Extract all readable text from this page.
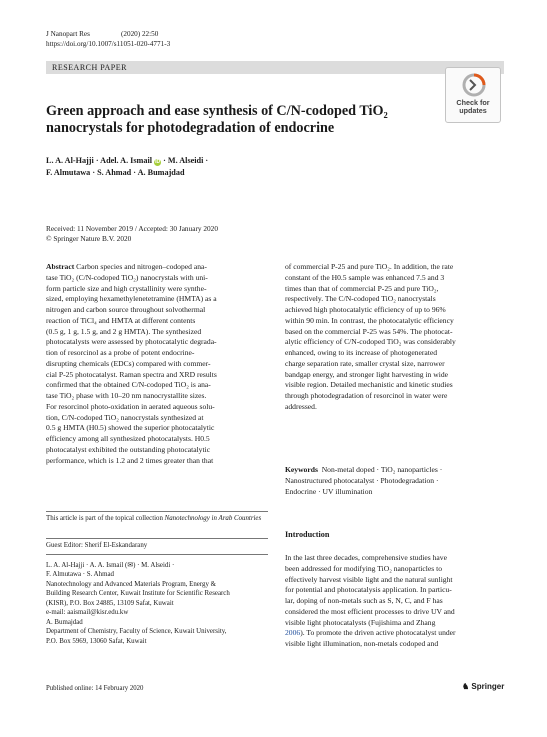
J Nanopart Res	(2020) 22:50
https://doi.org/10.1007/s11051-020-4771-3
RESEARCH PAPER
Check for updates
Green approach and ease synthesis of C/N-codoped TiO₂ nanocrystals for photodegradation of endocrine
L. A. Al-Hajji · Adel. A. Ismail iD · M. Alseidi ·
F. Almutawa · S. Ahmad · A. Bumajdad
Received: 11 November 2019 / Accepted: 30 January 2020
© Springer Nature B.V. 2020
Abstract Carbon species and nitrogen–codoped ana-
tase TiO₂ (C/N-codoped TiO₂) nanocrystals with uni-
form particle size and high crystallinity were synthe-
sized, employing hexamethylenetetramine (HMTA) as a
nitrogen and carbon source throughout solvothermal
reaction of TiCl₄ and HMTA at different contents
(0.5 g, 1 g, 1.5 g, and 2 g HMTA). The synthesized
photocatalysts were assessed by photocatalytic degrada-
tion of resorcinol as a probe of potent endocrine-
disrupting chemicals (EDCs) compared with commer-
cial P-25 photocatalyst. Raman spectra and XRD results
confirmed that the obtained C/N-codoped TiO₂ is ana-
tase TiO₂ phase with 10–20 nm nanocrystallite sizes.
For resorcinol photo-oxidation in aerated aqueous solu-
tion, C/N-codoped TiO₂ nanocrystals synthesized at
0.5 g HMTA (H0.5) showed the superior photocatalytic
efficiency among all synthesized photocatalysts. H0.5
photocatalyst exhibited the outstanding photocatalytic
performance, which is 1.2 and 2 times greater than that
This article is part of the topical collection Nanotechnology in Arab Countries
Guest Editor: Sherif El-Eskandarany
L. A. Al-Hajji · A. A. Ismail (✉) · M. Alseidi ·
F. Almutawa · S. Ahmad
Nanotechnology and Advanced Materials Program, Energy &
Building Research Center, Kuwait Institute for Scientific Research
(KISR), P.O. Box 24885, 13109 Safat, Kuwait
e-mail: aaismail@kisr.edu.kw
A. Bumajdad
Department of Chemistry, Faculty of Science, Kuwait University,
P.O. Box 5969, 13060 Safat, Kuwait
of commercial P-25 and pure TiO₂. In addition, the rate
constant of the H0.5 sample was enhanced 7.5 and 3
times than that of commercial P-25 and pure TiO₂,
respectively. The C/N-codoped TiO₂ nanocrystals
achieved high photocatalytic efficiency of up to 96%
within 90 min. In contrast, the photocatalytic efficiency
based on the commercial P-25 was 54%. The photocat-
alytic efficiency of C/N-codoped TiO₂ was considerably
enhanced, owing to its increase of photogenerated
charge separation rate, smaller crystal size, narrower
bandgap energy, and stronger light harvesting in wide
visible region. Detailed mechanistic and kinetic studies
through photodegradation of resorcinol in water were
addressed.
Keywords Non-metal doped · TiO₂ nanoparticles ·
Nanostructured photocatalyst · Photodegradation ·
Endocrine · UV illumination
Introduction
In the last three decades, comprehensive studies have
been addressed for modifying TiO₂ nanoparticles to
effectively harvest visible light and the natural sunlight
for potential and photocatalysis application. In particu-
lar, doping of non-metals such as S, N, C, and F has
considered the most efficient processes to drive UV and
visible light photocatalysts (Fujishima and Zhang
2006). To promote the driven active photocatalyst under
visible light illumination, non-metals codoped and
Published online: 14 February 2020	♞ Springer
